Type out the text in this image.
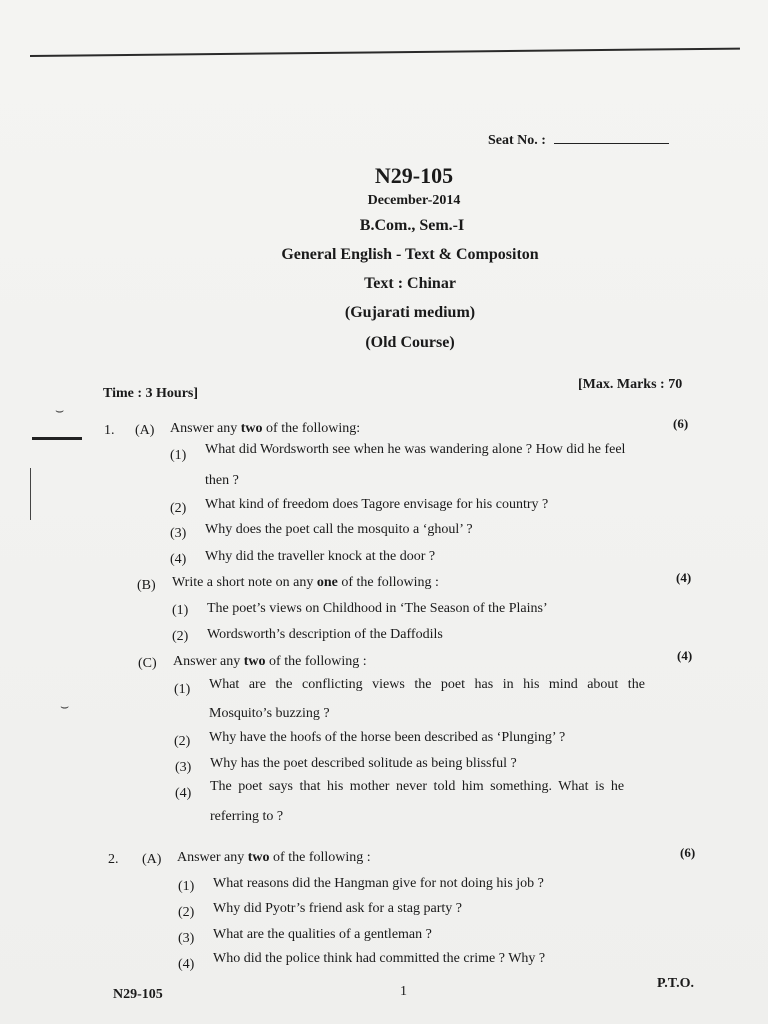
Seat No. :
N29-105
December-2014
B.Com., Sem.-I
General English - Text & Compositon
Text : Chinar
(Gujarati medium)
(Old Course)
Time : 3 Hours]
[Max. Marks : 70
⌣
⌣
1. (A) Answer any two of the following:	(6)
(1) What did Wordsworth see when he was wandering alone ? How did he feel
then ?
(2) What kind of freedom does Tagore envisage for his country ?
(3) Why does the poet call the mosquito a ‘ghoul’ ?
(4) Why did the traveller knock at the door ?
(B) Write a short note on any one of the following :	(4)
(1) The poet’s views on Childhood in ‘The Season of the Plains’
(2) Wordsworth’s description of the Daffodils
(C) Answer any two of the following :	(4)
(1) What are the conflicting views the poet has in his mind about the
Mosquito’s buzzing ?
(2) Why have the hoofs of the horse been described as ‘Plunging’ ?
(3) Why has the poet described solitude as being blissful ?
(4) The poet says that his mother never told him something. What is he
referring to ?
2. (A) Answer any two of the following :	(6)
(1) What reasons did the Hangman give for not doing his job ?
(2) Why did Pyotr’s friend ask for a stag party ?
(3) What are the qualities of a gentleman ?
(4) Who did the police think had committed the crime ? Why ?
N29-105	1
P.T.O.
